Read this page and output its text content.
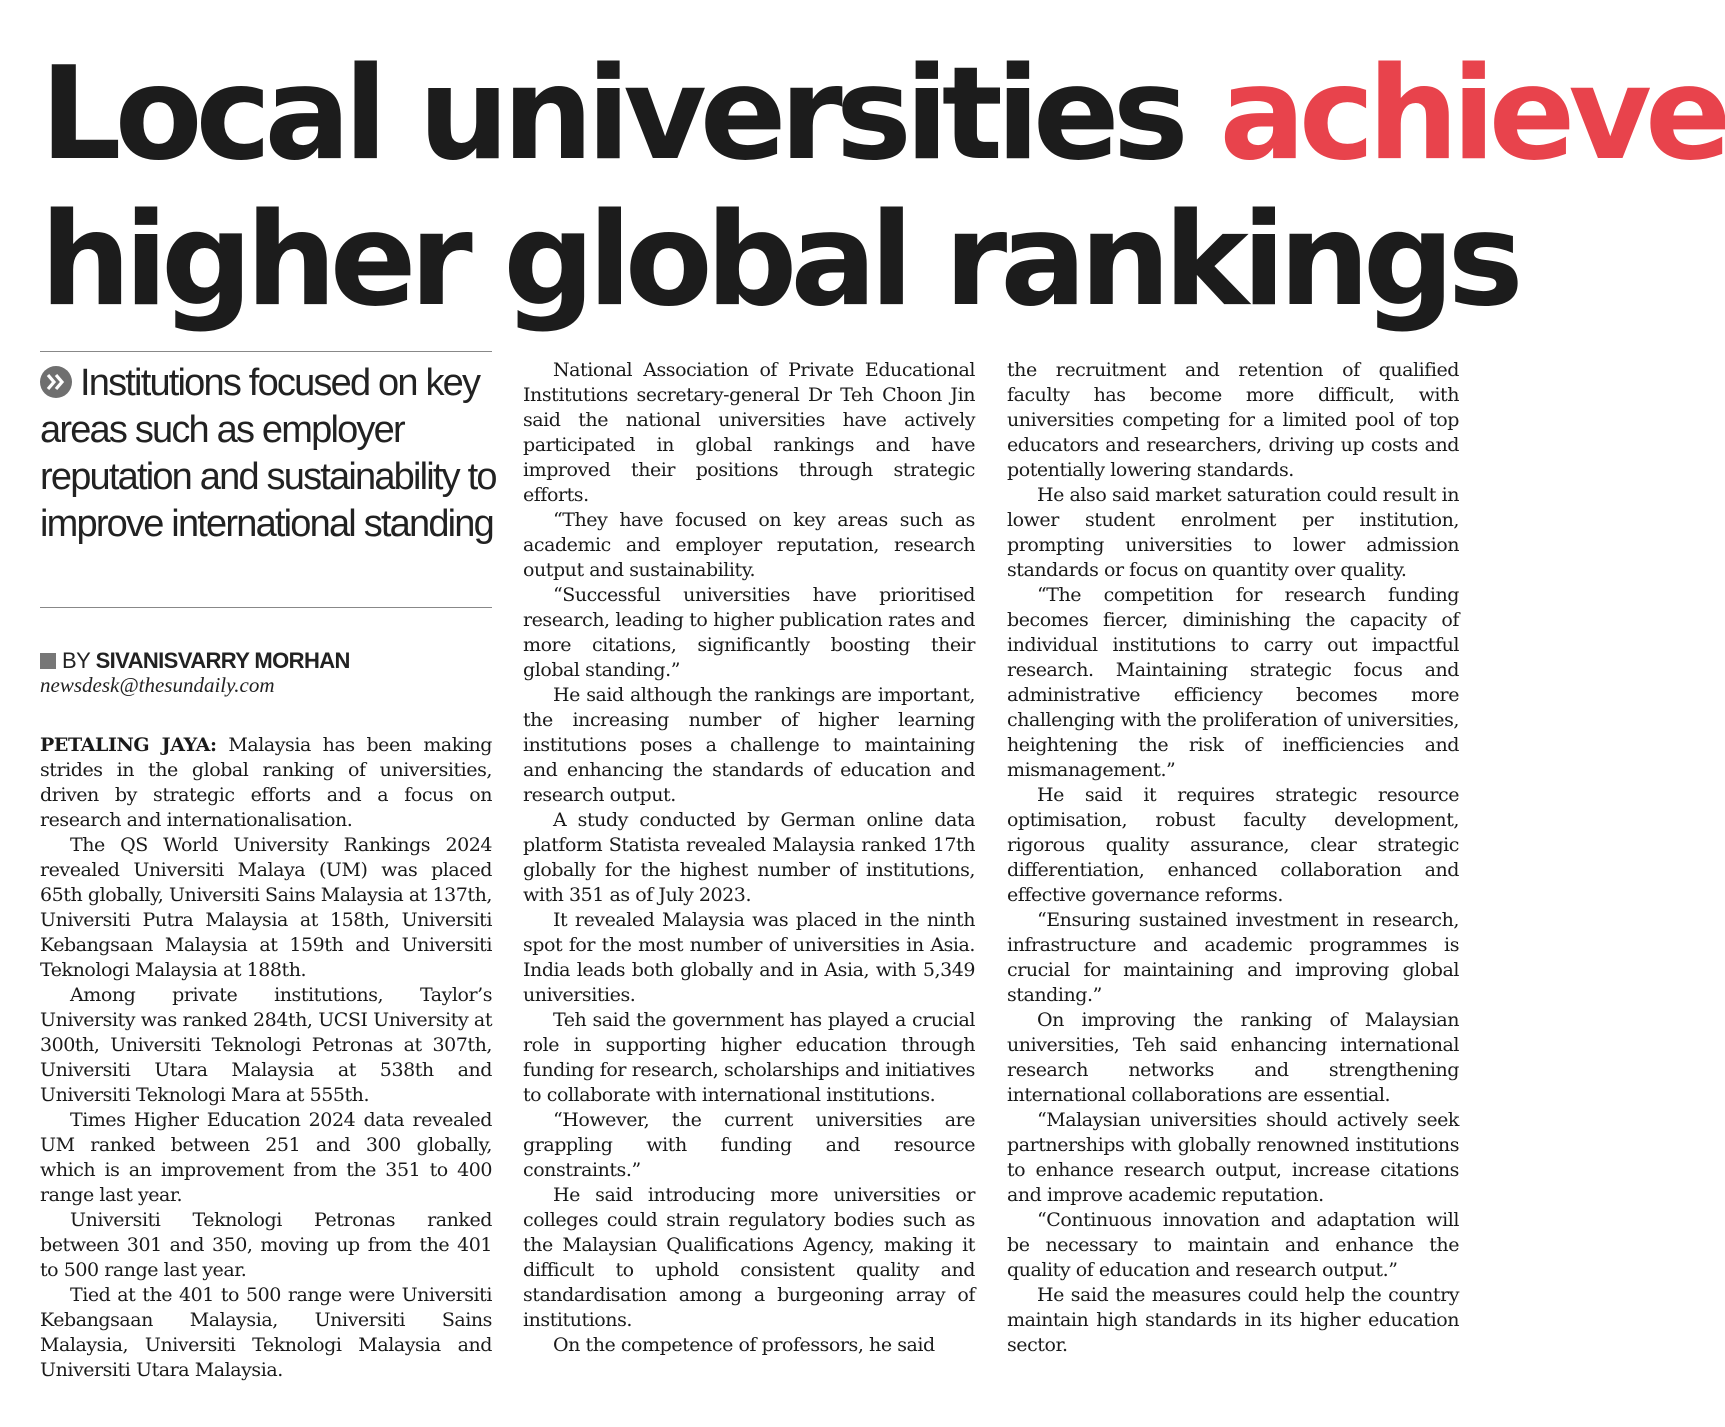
Local universities achieve
higher global rankings

Institutions focused on key areas such as employer reputation and sustainability to improve international standing

BY SIVANISVARRY MORHAN
newsdesk@thesundaily.com

PETALING JAYA: Malaysia has been making strides in the global ranking of universities, driven by strategic efforts and a focus on research and internationalisation.

The QS World University Rankings 2024 revealed Universiti Malaya (UM) was placed 65th globally, Universiti Sains Malaysia at 137th, Universiti Putra Malaysia at 158th, Universiti Kebangsaan Malaysia at 159th and Universiti Teknologi Malaysia at 188th.

Among private institutions, Taylor’s University was ranked 284th, UCSI University at 300th, Universiti Teknologi Petronas at 307th, Universiti Utara Malaysia at 538th and Universiti Teknologi Mara at 555th.

Times Higher Education 2024 data revealed UM ranked between 251 and 300 globally, which is an improvement from the 351 to 400 range last year.

Universiti Teknologi Petronas ranked between 301 and 350, moving up from the 401 to 500 range last year.

Tied at the 401 to 500 range were Universiti Kebangsaan Malaysia, Universiti Sains Malaysia, Universiti Teknologi Malaysia and Universiti Utara Malaysia.

National Association of Private Educational Institutions secretary-general Dr Teh Choon Jin said the national universities have actively participated in global rankings and have improved their positions through strategic efforts.

“They have focused on key areas such as academic and employer reputation, research output and sustainability.

“Successful universities have prioritised research, leading to higher publication rates and more citations, significantly boosting their global standing.”

He said although the rankings are important, the increasing number of higher learning institutions poses a challenge to maintaining and enhancing the standards of education and research output.

A study conducted by German online data platform Statista revealed Malaysia ranked 17th globally for the highest number of institutions, with 351 as of July 2023.

It revealed Malaysia was placed in the ninth spot for the most number of universities in Asia. India leads both globally and in Asia, with 5,349 universities.

Teh said the government has played a crucial role in supporting higher education through funding for research, scholarships and initiatives to collaborate with international institutions.

“However, the current universities are grappling with funding and resource constraints.”

He said introducing more universities or colleges could strain regulatory bodies such as the Malaysian Qualifications Agency, making it difficult to uphold consistent quality and standardisation among a burgeoning array of institutions.

On the competence of professors, he said

the recruitment and retention of qualified faculty has become more difficult, with universities competing for a limited pool of top educators and researchers, driving up costs and potentially lowering standards.

He also said market saturation could result in lower student enrolment per institution, prompting universities to lower admission standards or focus on quantity over quality.

“The competition for research funding becomes fiercer, diminishing the capacity of individual institutions to carry out impactful research. Maintaining strategic focus and administrative efficiency becomes more challenging with the proliferation of universities, heightening the risk of inefficiencies and mismanagement.”

He said it requires strategic resource optimisation, robust faculty development, rigorous quality assurance, clear strategic differentiation, enhanced collaboration and effective governance reforms.

“Ensuring sustained investment in research, infrastructure and academic programmes is crucial for maintaining and improving global standing.”

On improving the ranking of Malaysian universities, Teh said enhancing international research networks and strengthening international collaborations are essential.

“Malaysian universities should actively seek partnerships with globally renowned institutions to enhance research output, increase citations and improve academic reputation.

“Continuous innovation and adaptation will be necessary to maintain and enhance the quality of education and research output.”

He said the measures could help the country maintain high standards in its higher education sector.
